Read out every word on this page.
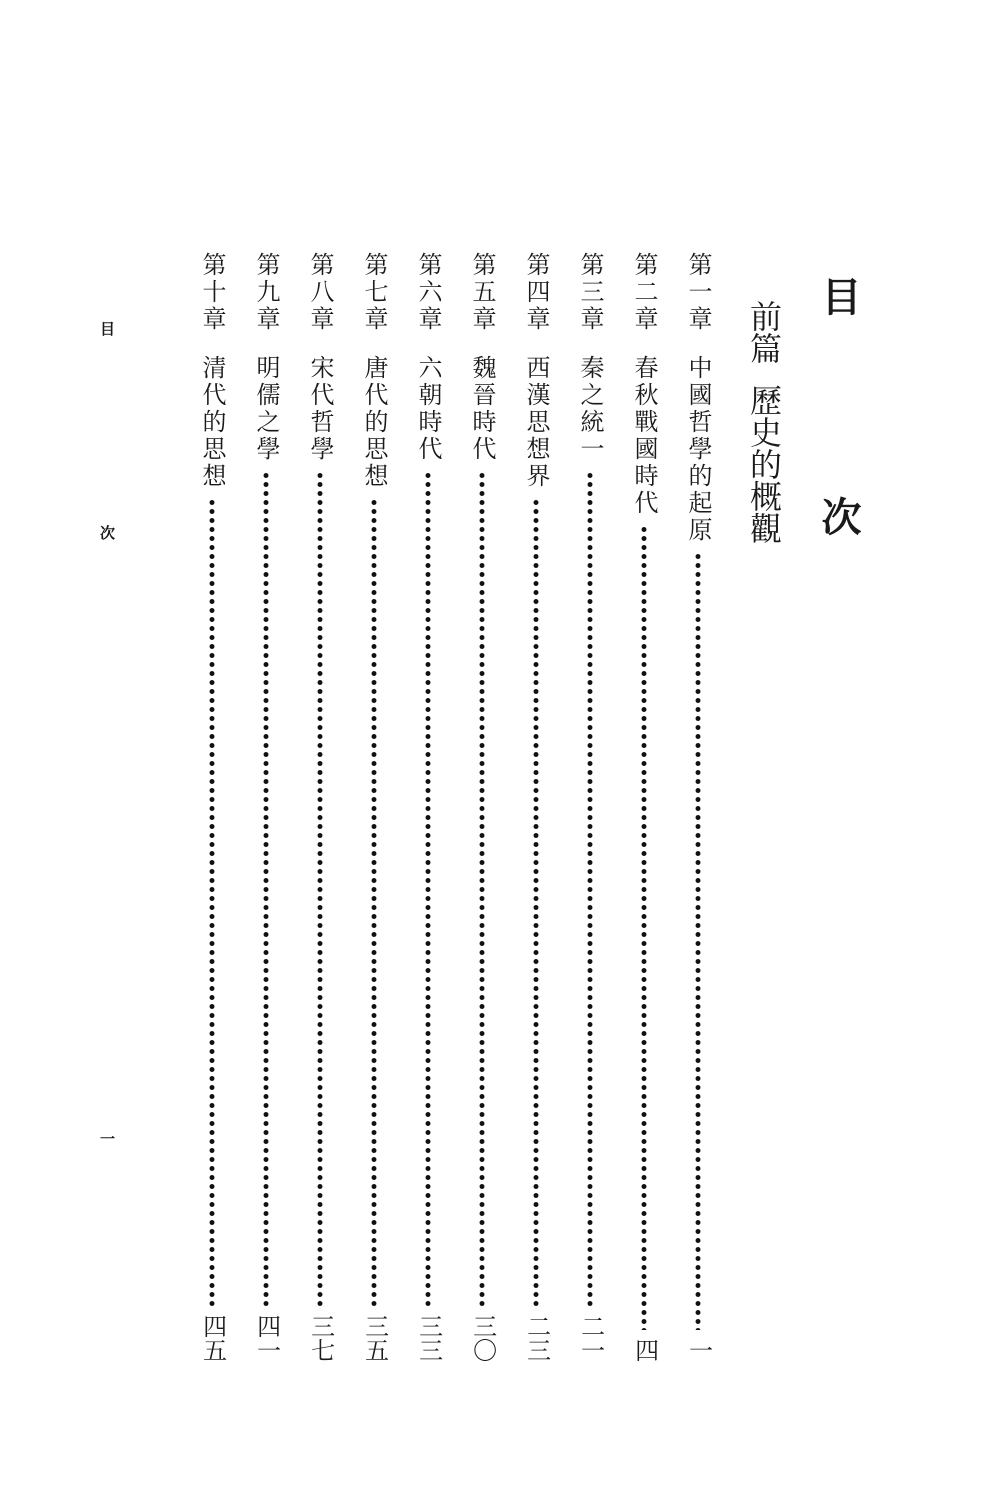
目　次
前篇歷史的概觀
第一章
中國哲學的起原
一
第二章
春秋戰國時代
四
第三章
秦之統一
二一
第四章
西漢思想界
二三
第五章
魏晉時代
三〇
第六章
六朝時代
三三
第七章
唐代的思想
三五
第八章
宋代哲學
三七
第九章
明儒之學
四一
第十章
清代的思想
四五
目
次
一
